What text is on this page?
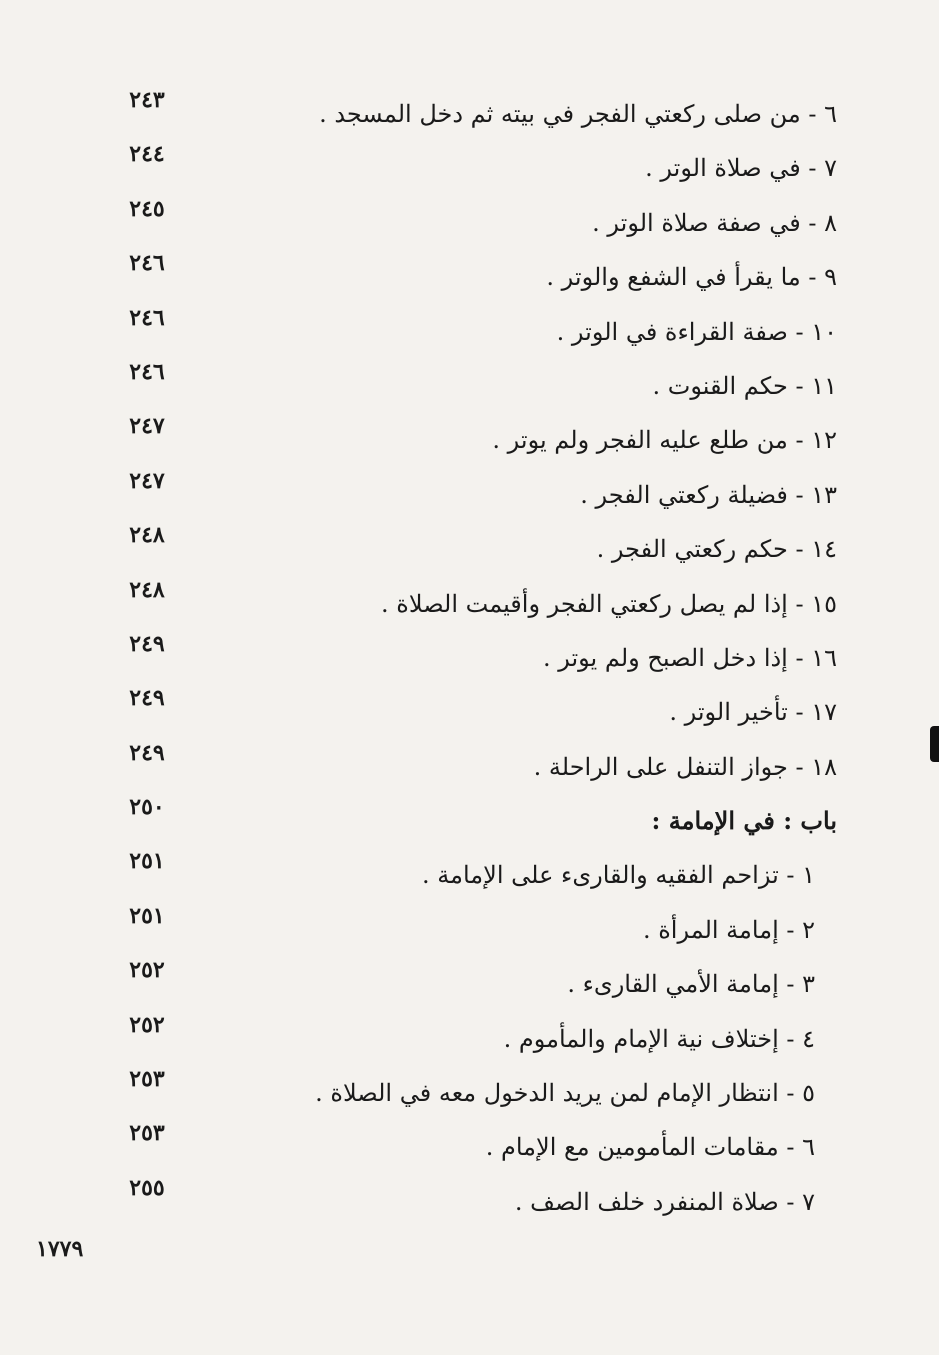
٦ - من صلى ركعتي الفجر في بيته ثم دخل المسجد .
٢٤٣
٧ - في صلاة الوتر .
٢٤٤
٨ - في صفة صلاة الوتر .
٢٤٥
٩ - ما يقرأ في الشفع والوتر .
٢٤٦
١٠ - صفة القراءة في الوتر .
٢٤٦
١١ - حكم القنوت .
٢٤٦
١٢ - من طلع عليه الفجر ولم يوتر .
٢٤٧
١٣ - فضيلة ركعتي الفجر .
٢٤٧
١٤ - حكم ركعتي الفجر .
٢٤٨
١٥ - إذا لم يصل ركعتي الفجر وأقيمت الصلاة .
٢٤٨
١٦ - إذا دخل الصبح ولم يوتر .
٢٤٩
١٧ - تأخير الوتر .
٢٤٩
١٨ - جواز التنفل على الراحلة .
٢٤٩
باب : في الإمامة :
٢٥٠
١ - تزاحم الفقيه والقارىء على الإمامة .
٢٥١
٢ - إمامة المرأة .
٢٥١
٣ - إمامة الأمي القارىء .
٢٥٢
٤ - إختلاف نية الإمام والمأموم .
٢٥٢
٥ - انتظار الإمام لمن يريد الدخول معه في الصلاة .
٢٥٣
٦ - مقامات المأمومين مع الإمام .
٢٥٣
٧ - صلاة المنفرد خلف الصف .
٢٥٥
١٧٧٩
